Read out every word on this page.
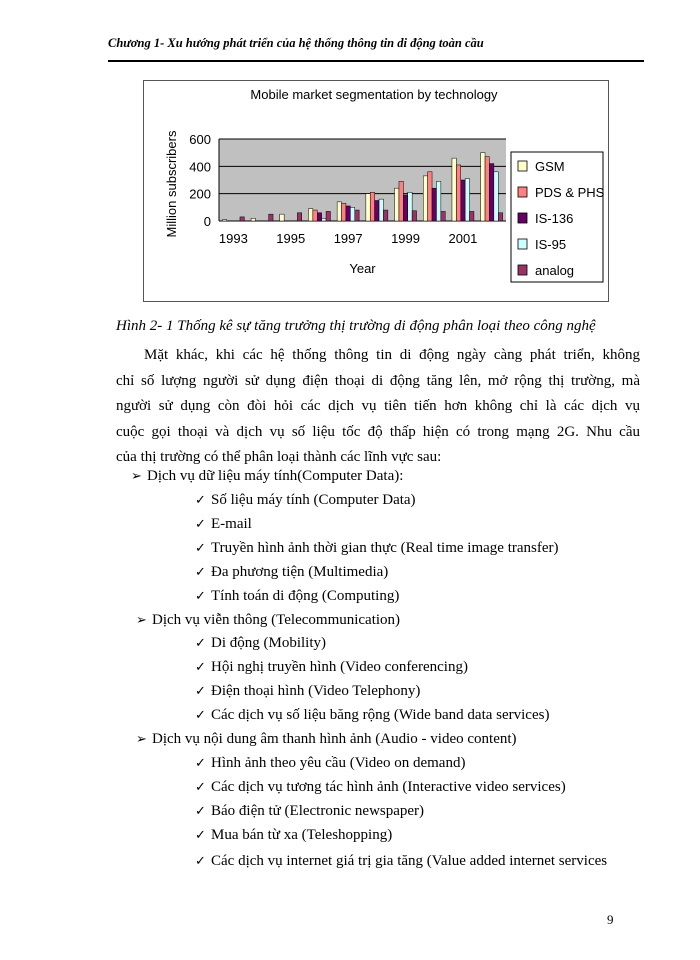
Chương 1- Xu hướng phát triển của hệ thống thông tin di động toàn cầu
Mobile market segmentation by technology
0
200
400
600
Million subscribers
1993 1995 1997 1999 2001
Year
GSM
PDS & PHS
IS-136
IS-95
analog
Hình 2- 1 Thống kê sự tăng trưởng thị trường di động phân loại theo công nghệ
Mặt khác, khi các hệ thống thông tin di động ngày càng phát triển, không
chỉ số lượng người sử dụng điện thoại di động tăng lên, mở rộng thị trường, mà
người sử dụng còn đòi hỏi các dịch vụ tiên tiến hơn không chỉ là các dịch vụ
cuộc gọi thoại và dịch vụ số liệu tốc độ thấp hiện có trong mạng 2G. Nhu cầu
của thị trường có thể phân loại thành các lĩnh vực sau:
➢ Dịch vụ dữ liệu máy tính(Computer Data):
✓ Số liệu máy tính (Computer Data)
✓ E-mail
✓ Truyền hình ảnh thời gian thực (Real time image transfer)
✓ Đa phương tiện (Multimedia)
✓ Tính toán di động (Computing)
➢ Dịch vụ viễn thông (Telecommunication)
✓ Di động (Mobility)
✓ Hội nghị truyền hình (Video conferencing)
✓ Điện thoại hình (Video Telephony)
✓ Các dịch vụ số liệu băng rộng (Wide band data services)
➢ Dịch vụ nội dung âm thanh hình ảnh (Audio - video content)
✓ Hình ảnh theo yêu cầu (Video on demand)
✓ Các dịch vụ tương tác hình ảnh (Interactive video services)
✓ Báo điện tử (Electronic newspaper)
✓ Mua bán từ xa (Teleshopping)
✓ Các dịch vụ internet giá trị gia tăng (Value added internet services
9
